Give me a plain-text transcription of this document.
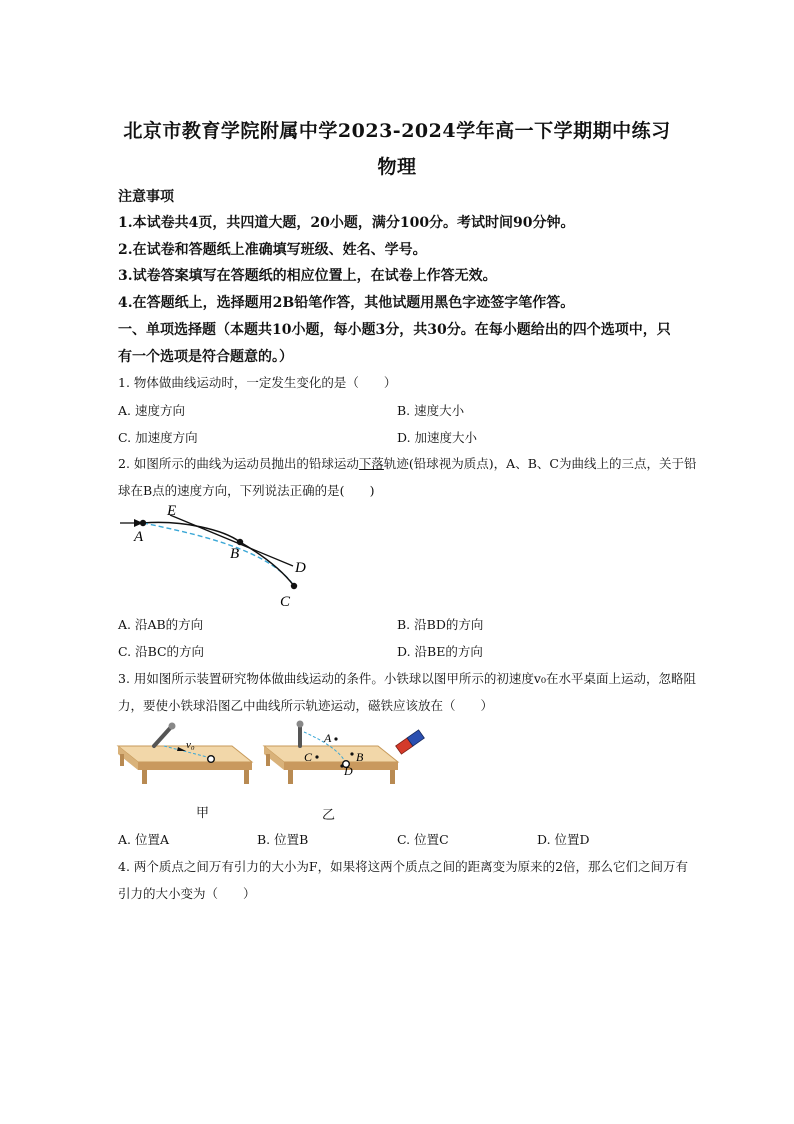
北京市教育学院附属中学2023-2024学年高一下学期期中练习
物理
注意事项
1.本试卷共4页，共四道大题，20小题，满分100分。考试时间90分钟。
2.在试卷和答题纸上准确填写班级、姓名、学号。
3.试卷答案填写在答题纸的相应位置上，在试卷上作答无效。
4.在答题纸上，选择题用2B铅笔作答，其他试题用黑色字迹签字笔作答。
一、单项选择题（本题共10小题，每小题3分，共30分。在每小题给出的四个选项中，只
有一个选项是符合题意的。）
1. 物体做曲线运动时，一定发生变化的是（　　）
A. 速度方向	B. 速度大小
C. 加速度方向	D. 加速度大小
2. 如图所示的曲线为运动员抛出的铅球运动下落轨迹(铅球视为质点)，A、B、C为曲线上的三点，关于铅
球在B点的速度方向，下列说法正确的是(　　)
A
B
C
D
E
A. 沿AB的方向	B. 沿BD的方向
C. 沿BC的方向	D. 沿BE的方向
3. 用如图所示装置研究物体做曲线运动的条件。小铁球以图甲所示的初速度v₀在水平桌面上运动，忽略阻
力，要使小铁球沿图乙中曲线所示轨迹运动，磁铁应该放在（　　）
v₀	A
B
C
D
甲	乙
A. 位置A	B. 位置B	C. 位置C	D. 位置D
4. 两个质点之间万有引力的大小为F，如果将这两个质点之间的距离变为原来的2倍，那么它们之间万有
引力的大小变为（　　）
